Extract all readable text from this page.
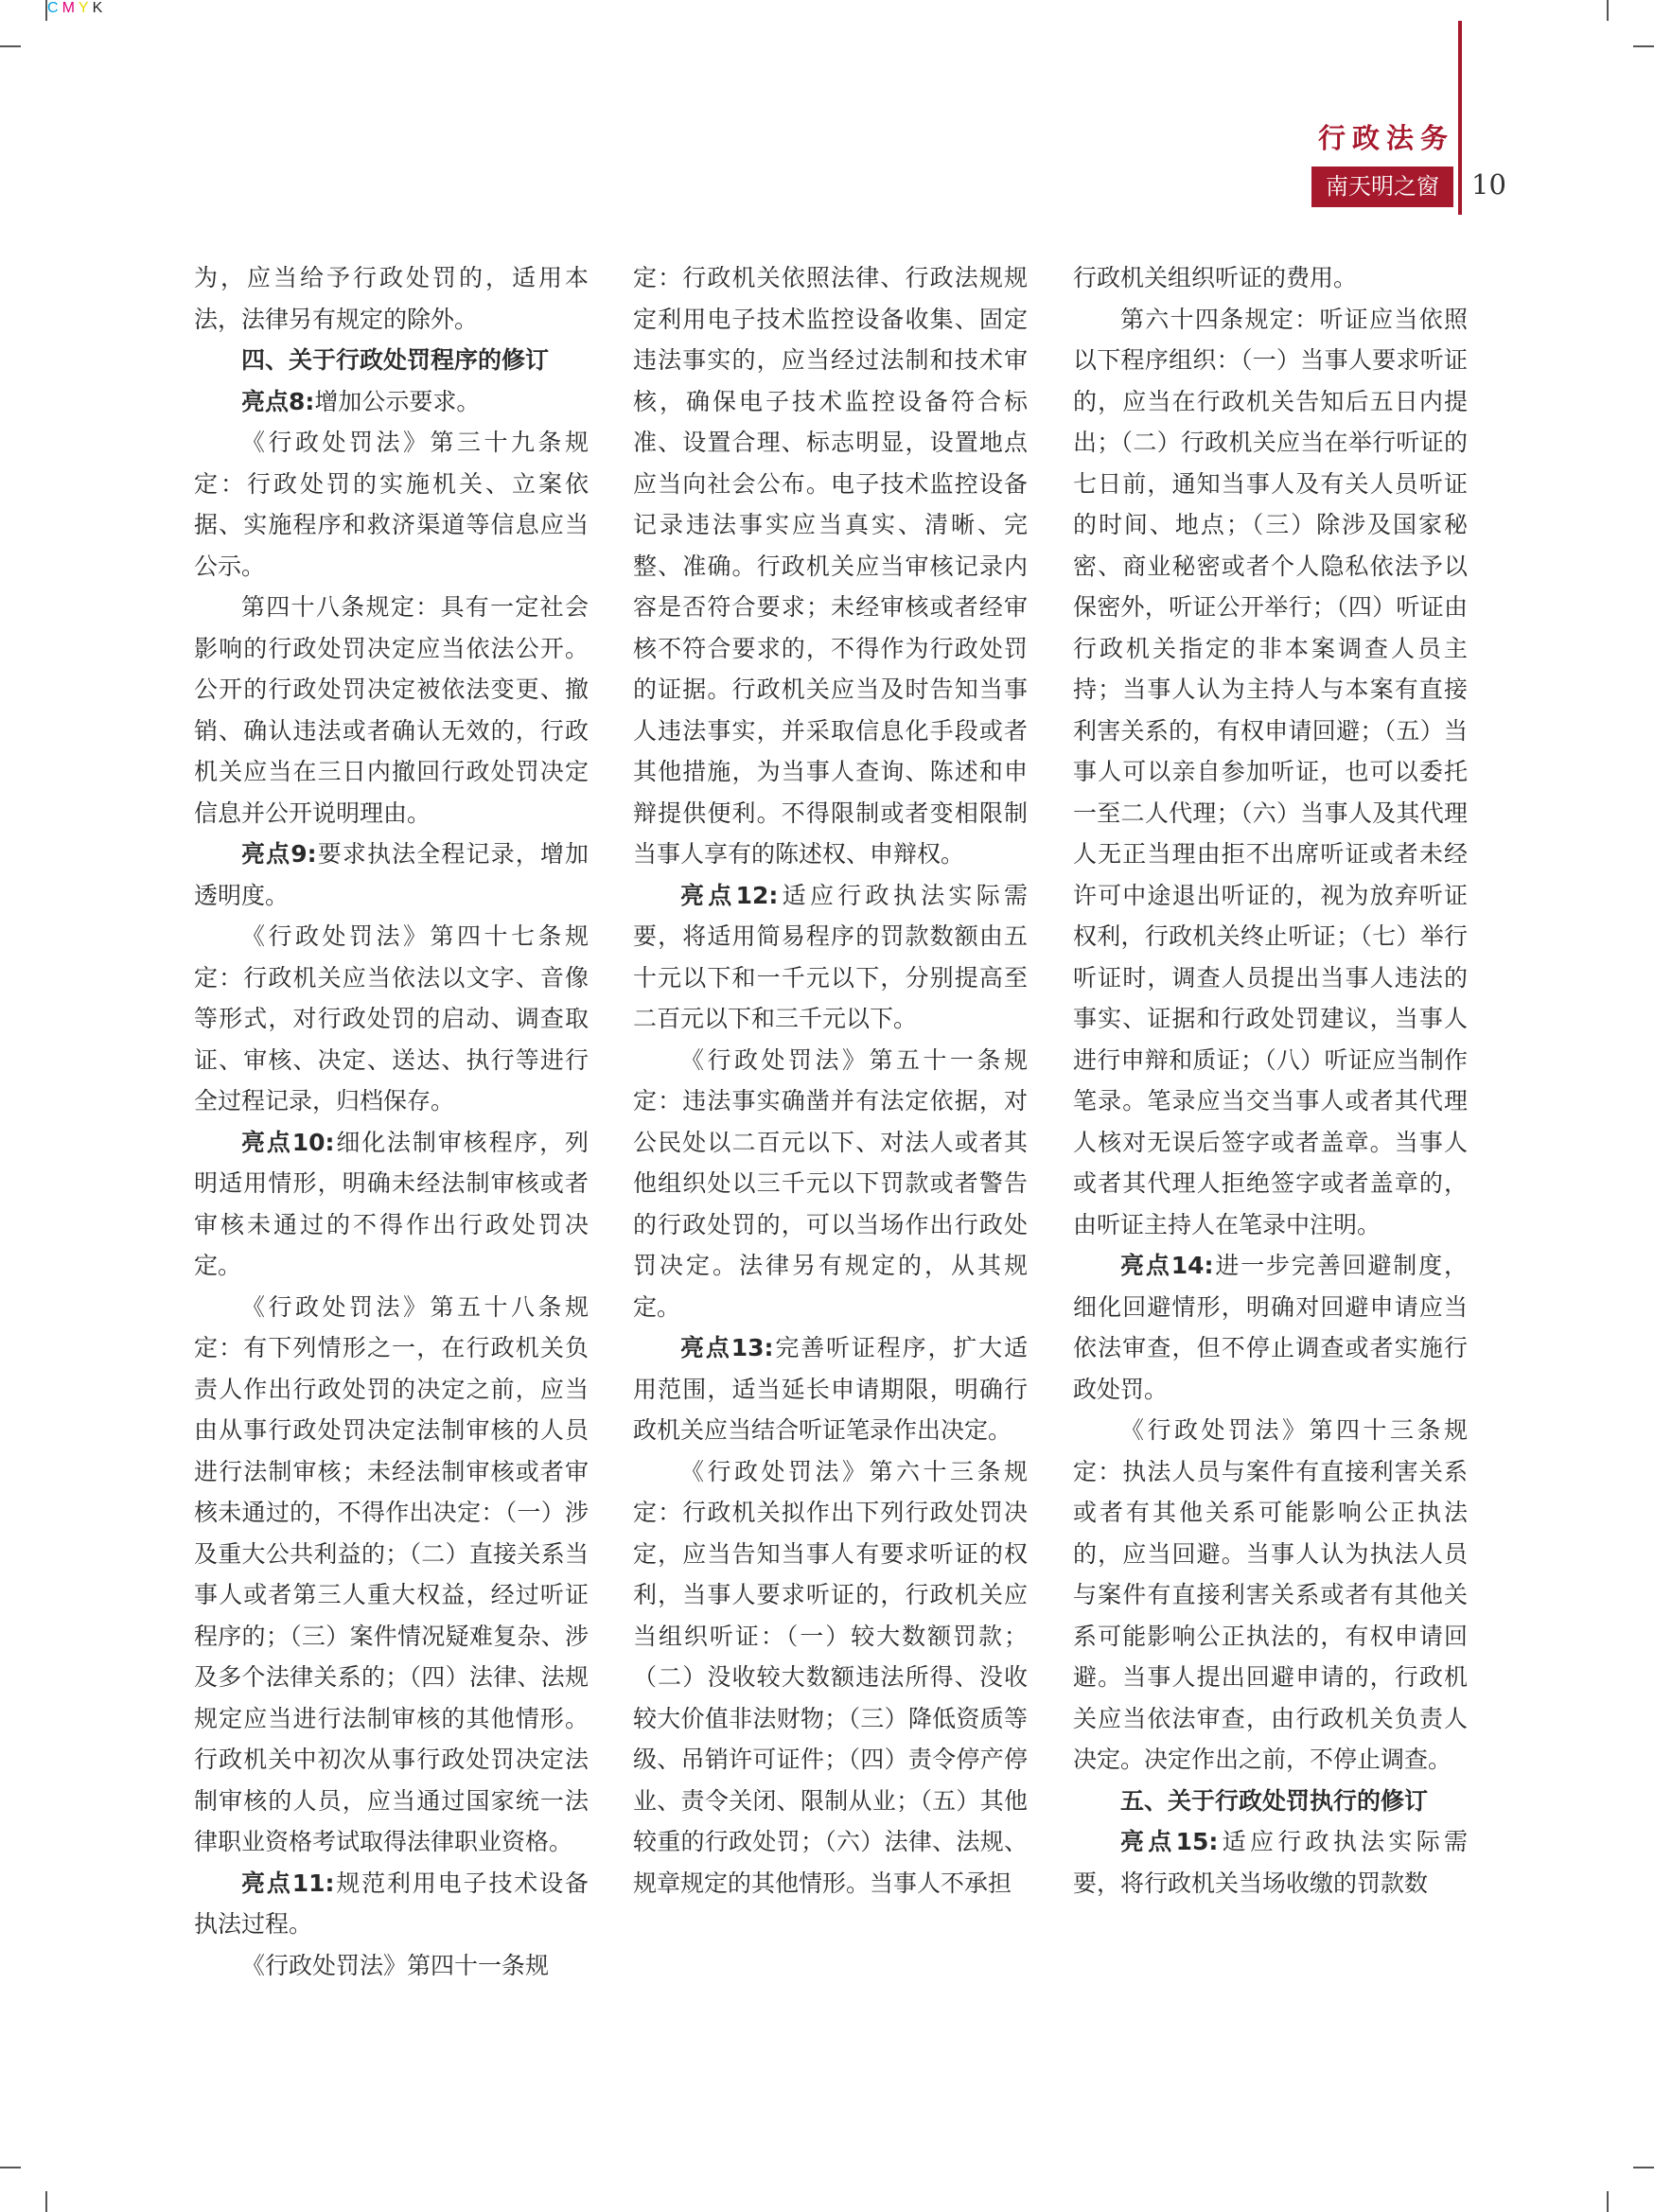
CMYK
行政法务
南天明之窗	10

为，应当给予行政处罚的，适用本法，法律另有规定的除外。

四、关于行政处罚程序的修订

亮点8:增加公示要求。

《行政处罚法》第三十九条规定：行政处罚的实施机关、立案依据、实施程序和救济渠道等信息应当公示。

第四十八条规定：具有一定社会影响的行政处罚决定应当依法公开。公开的行政处罚决定被依法变更、撤销、确认违法或者确认无效的，行政机关应当在三日内撤回行政处罚决定信息并公开说明理由。

亮点9:要求执法全程记录，增加透明度。

《行政处罚法》第四十七条规定：行政机关应当依法以文字、音像等形式，对行政处罚的启动、调查取证、审核、决定、送达、执行等进行全过程记录，归档保存。

亮点10:细化法制审核程序，列明适用情形，明确未经法制审核或者审核未通过的不得作出行政处罚决定。

《行政处罚法》第五十八条规定：有下列情形之一，在行政机关负责人作出行政处罚的决定之前，应当由从事行政处罚决定法制审核的人员进行法制审核；未经法制审核或者审核未通过的，不得作出决定：（一）涉及重大公共利益的；（二）直接关系当事人或者第三人重大权益，经过听证程序的；（三）案件情况疑难复杂、涉及多个法律关系的；（四）法律、法规规定应当进行法制审核的其他情形。行政机关中初次从事行政处罚决定法制审核的人员，应当通过国家统一法律职业资格考试取得法律职业资格。

亮点11:规范利用电子技术设备执法过程。

《行政处罚法》第四十一条规

定：行政机关依照法律、行政法规规定利用电子技术监控设备收集、固定违法事实的，应当经过法制和技术审核，确保电子技术监控设备符合标准、设置合理、标志明显，设置地点应当向社会公布。电子技术监控设备记录违法事实应当真实、清晰、完整、准确。行政机关应当审核记录内容是否符合要求；未经审核或者经审核不符合要求的，不得作为行政处罚的证据。行政机关应当及时告知当事人违法事实，并采取信息化手段或者其他措施，为当事人查询、陈述和申辩提供便利。不得限制或者变相限制当事人享有的陈述权、申辩权。

亮点12:适应行政执法实际需要，将适用简易程序的罚款数额由五十元以下和一千元以下，分别提高至二百元以下和三千元以下。

《行政处罚法》第五十一条规定：违法事实确凿并有法定依据，对公民处以二百元以下、对法人或者其他组织处以三千元以下罚款或者警告的行政处罚的，可以当场作出行政处罚决定。法律另有规定的，从其规定。

亮点13:完善听证程序，扩大适用范围，适当延长申请期限，明确行政机关应当结合听证笔录作出决定。

《行政处罚法》第六十三条规定：行政机关拟作出下列行政处罚决定，应当告知当事人有要求听证的权利，当事人要求听证的，行政机关应当组织听证：（一）较大数额罚款；（二）没收较大数额违法所得、没收较大价值非法财物；（三）降低资质等级、吊销许可证件；（四）责令停产停业、责令关闭、限制从业；（五）其他较重的行政处罚；（六）法律、法规、规章规定的其他情形。当事人不承担

行政机关组织听证的费用。

第六十四条规定：听证应当依照以下程序组织：（一）当事人要求听证的，应当在行政机关告知后五日内提出；（二）行政机关应当在举行听证的七日前，通知当事人及有关人员听证的时间、地点；（三）除涉及国家秘密、商业秘密或者个人隐私依法予以保密外，听证公开举行；（四）听证由行政机关指定的非本案调查人员主持；当事人认为主持人与本案有直接利害关系的，有权申请回避；（五）当事人可以亲自参加听证，也可以委托一至二人代理；（六）当事人及其代理人无正当理由拒不出席听证或者未经许可中途退出听证的，视为放弃听证权利，行政机关终止听证；（七）举行听证时，调查人员提出当事人违法的事实、证据和行政处罚建议，当事人进行申辩和质证；（八）听证应当制作笔录。笔录应当交当事人或者其代理人核对无误后签字或者盖章。当事人或者其代理人拒绝签字或者盖章的，由听证主持人在笔录中注明。

亮点14:进一步完善回避制度，细化回避情形，明确对回避申请应当依法审查，但不停止调查或者实施行政处罚。

《行政处罚法》第四十三条规定：执法人员与案件有直接利害关系或者有其他关系可能影响公正执法的，应当回避。当事人认为执法人员与案件有直接利害关系或者有其他关系可能影响公正执法的，有权申请回避。当事人提出回避申请的，行政机关应当依法审查，由行政机关负责人决定。决定作出之前，不停止调查。

五、关于行政处罚执行的修订

亮点15:适应行政执法实际需要，将行政机关当场收缴的罚款数
